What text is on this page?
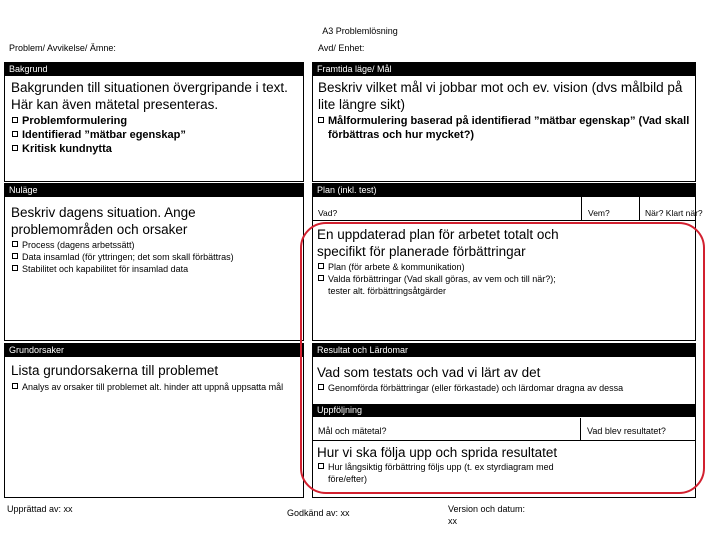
A3 Problemlösning
Problem/ Avvikelse/ Ämne:	Avd/ Enhet:
Bakgrund
Bakgrunden till situationen övergripande i text. Här kan även mätetal presenteras.
Problemformulering
Identifierad ”mätbar egenskap”
Kritisk kundnytta
Nuläge
Beskriv dagens situation. Ange problemområden och orsaker
Process (dagens arbetssätt)
Data insamlad (för yttringen; det som skall förbättras)
Stabilitet och kapabilitet för insamlad data
Grundorsaker
Lista grundorsakerna till problemet
Analys av orsaker till problemet alt. hinder att uppnå uppsatta mål
Framtida läge/ Mål
Beskriv vilket mål vi jobbar mot och ev. vision (dvs målbild på lite längre sikt)
Målformulering baserad på identifierad ”mätbar egenskap” (Vad skall förbättras och hur mycket?)
Plan (inkl. test)
Vad?	Vem?	När? Klart när?
En uppdaterad plan för arbetet totalt och specifikt för planerade förbättringar
Plan (för arbete & kommunikation)
Valda förbättringar (Vad skall göras, av vem och till när?); tester alt. förbättringsåtgärder
Resultat och Lärdomar
Vad som testats och vad vi lärt av det
Genomförda förbättringar (eller förkastade) och lärdomar dragna av dessa
Uppföljning
Mål och mätetal?	Vad blev resultatet?
Hur vi ska följa upp och sprida resultatet
Hur långsiktig förbättring följs upp (t. ex styrdiagram med före/efter)
Upprättad av: xx	Godkänd av: xx	Version och datum:
xx
